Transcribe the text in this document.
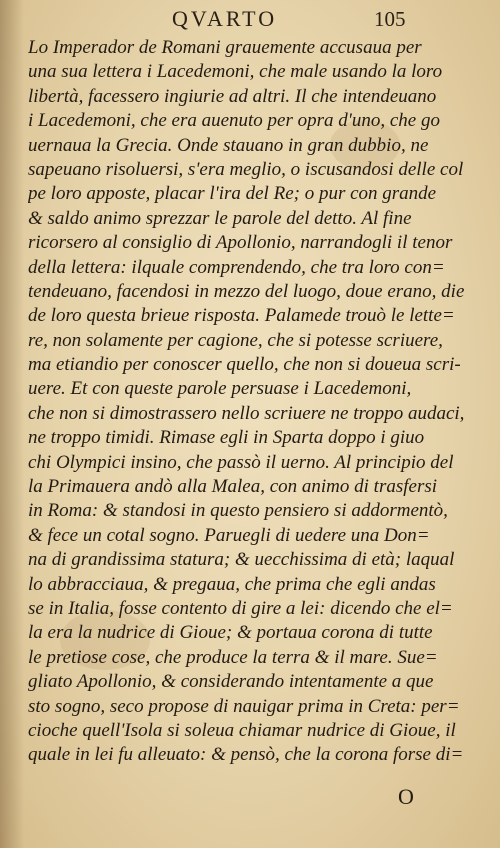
QVARTO	105
Lo Imperador de Romani grauemente accusaua per
una sua lettera i Lacedemoni, che male usando la loro
libertà, facessero ingiurie ad altri. Il che intendeuano
i Lacedemoni, che era auenuto per opra d'uno, che go
uernaua la Grecia. Onde stauano in gran dubbio, ne
sapeuano risoluersi, s'era meglio, o iscusandosi delle col
pe loro apposte, placar l'ira del Re; o pur con grande
& saldo animo sprezzar le parole del detto. Al fine
ricorsero al consiglio di Apollonio, narrandogli il tenor
della lettera: ilquale comprendendo, che tra loro con=
tendeuano, facendosi in mezzo del luogo, doue erano, die
de loro questa brieue risposta. Palamede trouò le lette=
re, non solamente per cagione, che si potesse scriuere,
ma etiandio per conoscer quello, che non si doueua scri-
uere. Et con queste parole persuase i Lacedemoni,
che non si dimostrassero nello scriuere ne troppo audaci,
ne troppo timidi. Rimase egli in Sparta doppo i giuo
chi Olympici insino, che passò il uerno. Al principio del
la Primauera andò alla Malea, con animo di trasfersi
in Roma: & standosi in questo pensiero si addormentò,
& fece un cotal sogno. Paruegli di uedere una Don=
na di grandissima statura; & uecchissima di età; laqual
lo abbracciaua, & pregaua, che prima che egli andas
se in Italia, fosse contento di gire a lei: dicendo che el=
la era la nudrice di Gioue; & portaua corona di tutte
le pretiose cose, che produce la terra & il mare. Sue=
gliato Apollonio, & considerando intentamente a que
sto sogno, seco propose di nauigar prima in Creta: per=
cioche quell'Isola si soleua chiamar nudrice di Gioue, il
quale in lei fu alleuato: & pensò, che la corona forse di=
O
